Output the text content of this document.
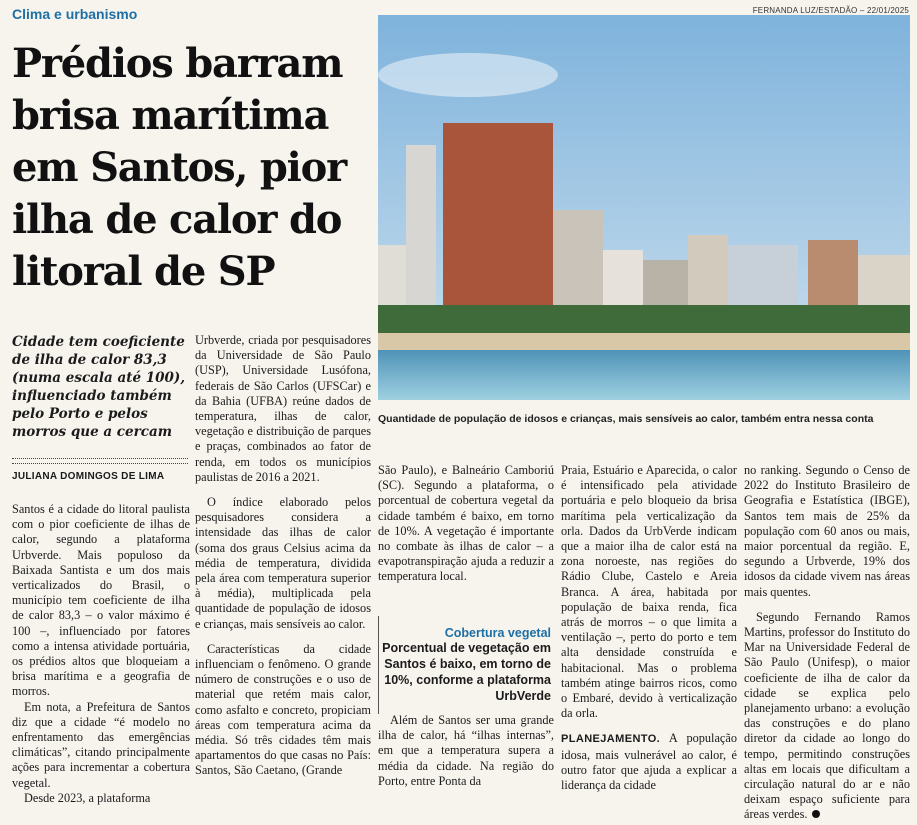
Clima e urbanismo	FERNANDA LUZ/ESTADÃO – 22/01/2025
Prédios barram brisa marítima em Santos, pior ilha de calor do litoral de SP
Quantidade de população de idosos e crianças, mais sensíveis ao calor, também entra nessa conta
Cidade tem coeficiente de ilha de calor 83,3 (numa escala até 100), influenciado também pelo Porto e pelos morros que a cercam
JULIANA DOMINGOS DE LIMA

Santos é a cidade do litoral paulista com o pior coeficiente de ilhas de calor, segundo a plataforma Urbverde. Mais populoso da Baixada Santista e um dos mais verticalizados do Brasil, o município tem coeficiente de ilha de calor 83,3 – o valor máximo é 100 –, influenciado por fatores como a intensa atividade portuária, os prédios altos que bloqueiam a brisa marítima e a geografia de morros.

Em nota, a Prefeitura de Santos diz que a cidade “é modelo no enfrentamento das emergências climáticas”, citando principalmente ações para incrementar a cobertura vegetal.

Desde 2023, a plataforma

Urbverde, criada por pesquisadores da Universidade de São Paulo (USP), Universidade Lusófona, federais de São Carlos (UFSCar) e da Bahia (UFBA) reúne dados de temperatura, ilhas de calor, vegetação e distribuição de parques e praças, combinados ao fator de renda, em todos os municípios paulistas de 2016 a 2021.

O índice elaborado pelos pesquisadores considera a intensidade das ilhas de calor (soma dos graus Celsius acima da média de temperatura, dividida pela área com temperatura superior à média), multiplicada pela quantidade de população de idosos e crianças, mais sensíveis ao calor.

Características da cidade influenciam o fenômeno. O grande número de construções e o uso de material que retém mais calor, como asfalto e concreto, propiciam áreas com temperatura acima da média. Só três cidades têm mais apartamentos do que casas no País: Santos, São Caetano, (Grande

São Paulo), e Balneário Camboriú (SC). Segundo a plataforma, o porcentual de cobertura vegetal da cidade também é baixo, em torno de 10%. A vegetação é importante no combate às ilhas de calor – a evapotranspiração ajuda a reduzir a temperatura local.

Cobertura vegetal
Porcentual de vegetação em Santos é baixo, em torno de 10%, conforme a plataforma UrbVerde

Além de Santos ser uma grande ilha de calor, há “ilhas internas”, em que a temperatura supera a média da cidade. Na região do Porto, entre Ponta da

Praia, Estuário e Aparecida, o calor é intensificado pela atividade portuária e pelo bloqueio da brisa marítima pela verticalização da orla. Dados da UrbVerde indicam que a maior ilha de calor está na zona noroeste, nas regiões do Rádio Clube, Castelo e Areia Branca. A área, habitada por população de baixa renda, fica atrás de morros – o que limita a ventilação –, perto do porto e tem alta densidade construída e habitacional. Mas o problema também atinge bairros ricos, como o Embaré, devido à verticalização da orla.

PLANEJAMENTO. A população idosa, mais vulnerável ao calor, é outro fator que ajuda a explicar a liderança da cidade

no ranking. Segundo o Censo de 2022 do Instituto Brasileiro de Geografia e Estatística (IBGE), Santos tem mais de 25% da população com 60 anos ou mais, maior porcentual da região. E, segundo a Urbverde, 19% dos idosos da cidade vivem nas áreas mais quentes.

Segundo Fernando Ramos Martins, professor do Instituto do Mar na Universidade Federal de São Paulo (Unifesp), o maior coeficiente de ilha de calor da cidade se explica pelo planejamento urbano: a evolução das construções e do plano diretor da cidade ao longo do tempo, permitindo construções altas em locais que dificultam a circulação natural do ar e não deixam espaço suficiente para áreas verdes.
